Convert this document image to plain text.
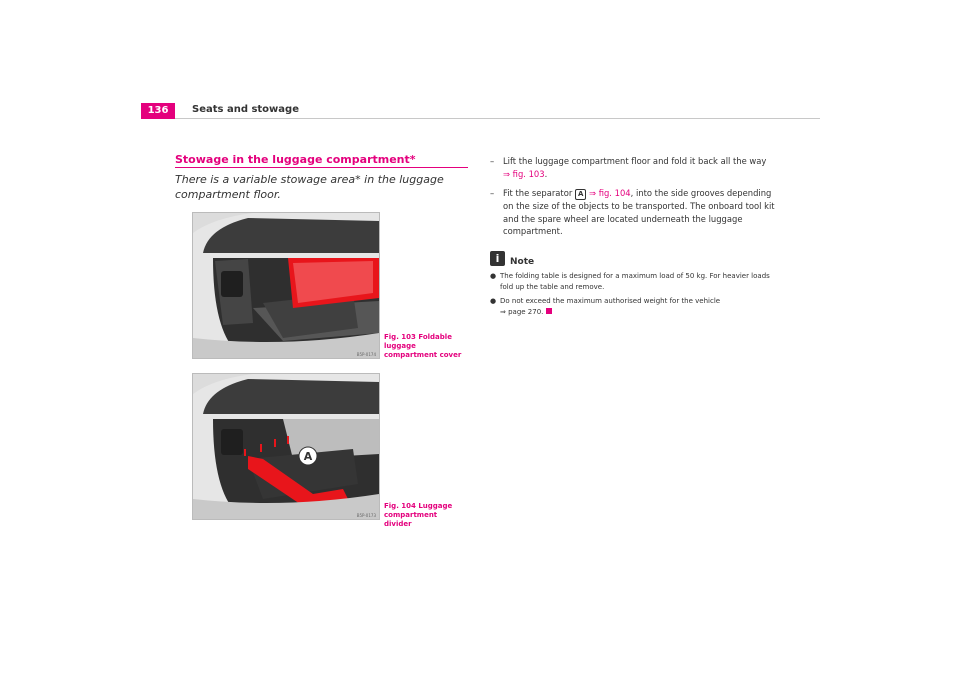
136	Seats and stowage
Stowage in the luggage compartment*
There is a variable stowage area* in the luggage compartment floor.
B5P-0174
Fig. 103 Foldable luggage compartment cover
A
B5P-0173
Fig. 104 Luggage compartment divider
– Lift the luggage compartment floor and fold it back all the way ⇒ fig. 103.
– Fit the separator A ⇒ fig. 104, into the side grooves depending on the size of the objects to be transported. The onboard tool kit and the spare wheel are located underneath the luggage compartment.
i	Note
● The folding table is designed for a maximum load of 50 kg. For heavier loads fold up the table and remove.
● Do not exceed the maximum authorised weight for the vehicle
⇒ page 270.
